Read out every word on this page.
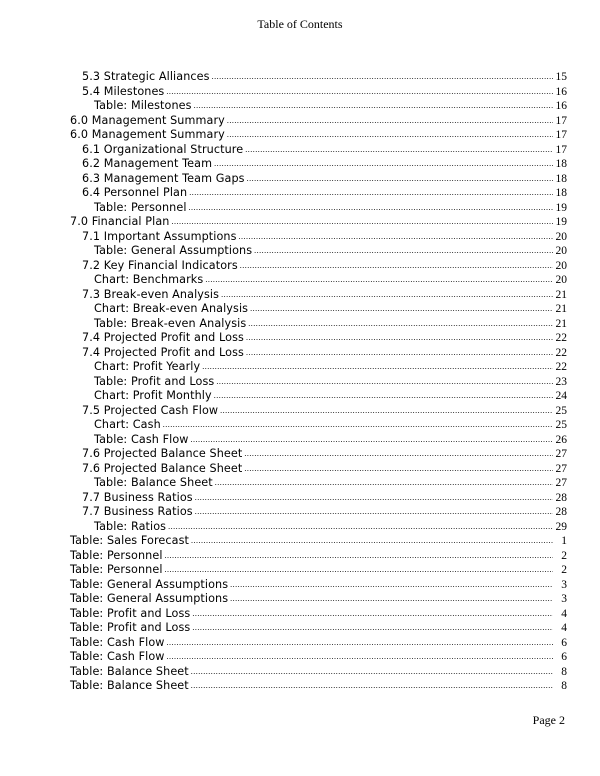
Table of Contents
5.3 Strategic Alliances .....	15
5.4 Milestones .....	16
Table: Milestones .....	16
6.0 Management Summary .....	17
6.0 Management Summary .....	17
6.1 Organizational Structure .....	17
6.2 Management Team .....	18
6.3 Management Team Gaps .....	18
6.4 Personnel Plan .....	18
Table: Personnel .....	19
7.0 Financial Plan .....	19
7.1 Important Assumptions .....	20
Table: General Assumptions .....	20
7.2 Key Financial Indicators .....	20
Chart: Benchmarks .....	20
7.3 Break-even Analysis .....	21
Chart: Break-even Analysis .....	21
Table: Break-even Analysis .....	21
7.4 Projected Profit and Loss .....	22
7.4 Projected Profit and Loss .....	22
Chart: Profit Yearly .....	22
Table: Profit and Loss .....	23
Chart: Profit Monthly .....	24
7.5 Projected Cash Flow .....	25
Chart: Cash .....	25
Table: Cash Flow .....	26
7.6 Projected Balance Sheet .....	27
7.6 Projected Balance Sheet .....	27
Table: Balance Sheet .....	27
7.7 Business Ratios .....	28
7.7 Business Ratios .....	28
Table: Ratios .....	29
Table: Sales Forecast .....	1
Table: Personnel .....	2
Table: Personnel .....	2
Table: General Assumptions .....	3
Table: General Assumptions .....	3
Table: Profit and Loss .....	4
Table: Profit and Loss .....	4
Table: Cash Flow .....	6
Table: Cash Flow .....	6
Table: Balance Sheet .....	8
Table: Balance Sheet .....	8
Page 2
